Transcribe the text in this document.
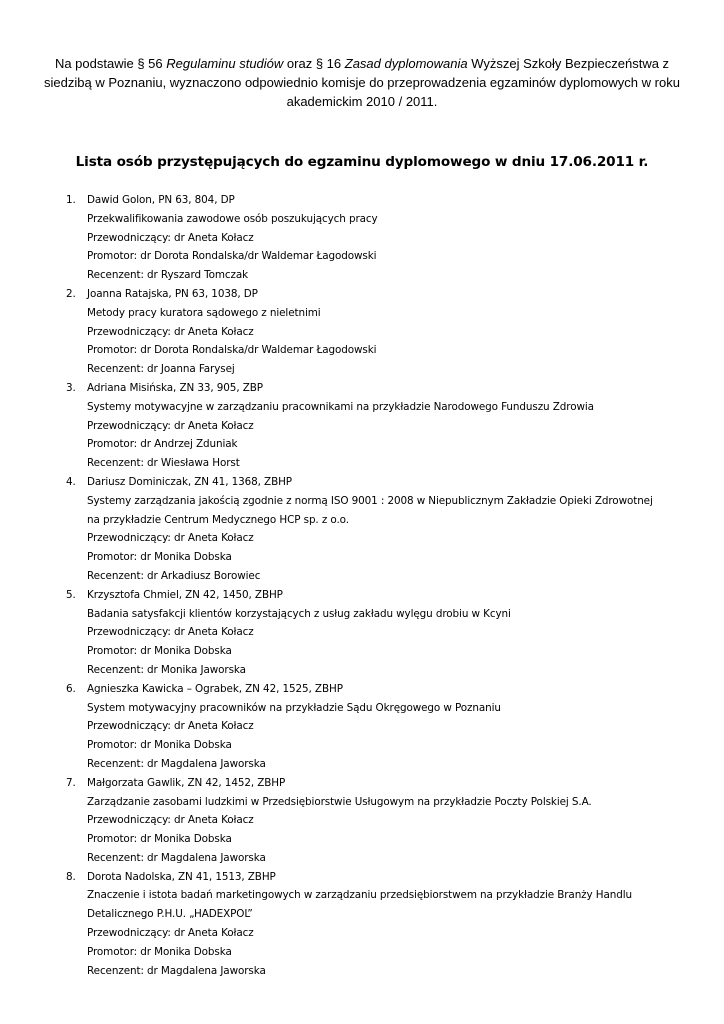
Na podstawie § 56 Regulaminu studiów oraz § 16 Zasad dyplomowania Wyższej Szkoły Bezpieczeństwa z siedzibą w Poznaniu, wyznaczono odpowiednio komisje do przeprowadzenia egzaminów dyplomowych w roku akademickim 2010 / 2011.

Lista osób przystępujących do egzaminu dyplomowego w dniu 17.06.2011 r.
1. Dawid Golon, PN 63, 804, DP
Przekwalifikowania zawodowe osób poszukujących pracy
Przewodniczący: dr Aneta Kołacz
Promotor: dr Dorota Rondalska/dr Waldemar Łagodowski
Recenzent: dr Ryszard Tomczak
2. Joanna Ratajska, PN 63, 1038, DP
Metody pracy kuratora sądowego z nieletnimi
Przewodniczący: dr Aneta Kołacz
Promotor: dr Dorota Rondalska/dr Waldemar Łagodowski
Recenzent: dr Joanna Farysej
3. Adriana Misińska, ZN 33, 905, ZBP
Systemy motywacyjne w zarządzaniu pracownikami na przykładzie Narodowego Funduszu Zdrowia
Przewodniczący: dr Aneta Kołacz
Promotor: dr Andrzej Zduniak
Recenzent: dr Wiesława Horst
4. Dariusz Dominiczak, ZN 41, 1368, ZBHP
Systemy zarządzania jakością zgodnie z normą ISO 9001 : 2008 w Niepublicznym Zakładzie Opieki Zdrowotnej
na przykładzie Centrum Medycznego HCP sp. z o.o.
Przewodniczący: dr Aneta Kołacz
Promotor: dr Monika Dobska
Recenzent: dr Arkadiusz Borowiec
5. Krzysztofa Chmiel, ZN 42, 1450, ZBHP
Badania satysfakcji klientów korzystających z usług zakładu wylęgu drobiu w Kcyni
Przewodniczący: dr Aneta Kołacz
Promotor: dr Monika Dobska
Recenzent: dr Monika Jaworska
6. Agnieszka Kawicka – Ograbek, ZN 42, 1525, ZBHP
System motywacyjny pracowników na przykładzie Sądu Okręgowego w Poznaniu
Przewodniczący: dr Aneta Kołacz
Promotor: dr Monika Dobska
Recenzent: dr Magdalena Jaworska
7. Małgorzata Gawlik, ZN 42, 1452, ZBHP
Zarządzanie zasobami ludzkimi w Przedsiębiorstwie Usługowym na przykładzie Poczty Polskiej S.A.
Przewodniczący: dr Aneta Kołacz
Promotor: dr Monika Dobska
Recenzent: dr Magdalena Jaworska
8. Dorota Nadolska, ZN 41, 1513, ZBHP
Znaczenie i istota badań marketingowych w zarządzaniu przedsiębiorstwem na przykładzie Branży Handlu
Detalicznego P.H.U. „HADEXPOL”
Przewodniczący: dr Aneta Kołacz
Promotor: dr Monika Dobska
Recenzent: dr Magdalena Jaworska
